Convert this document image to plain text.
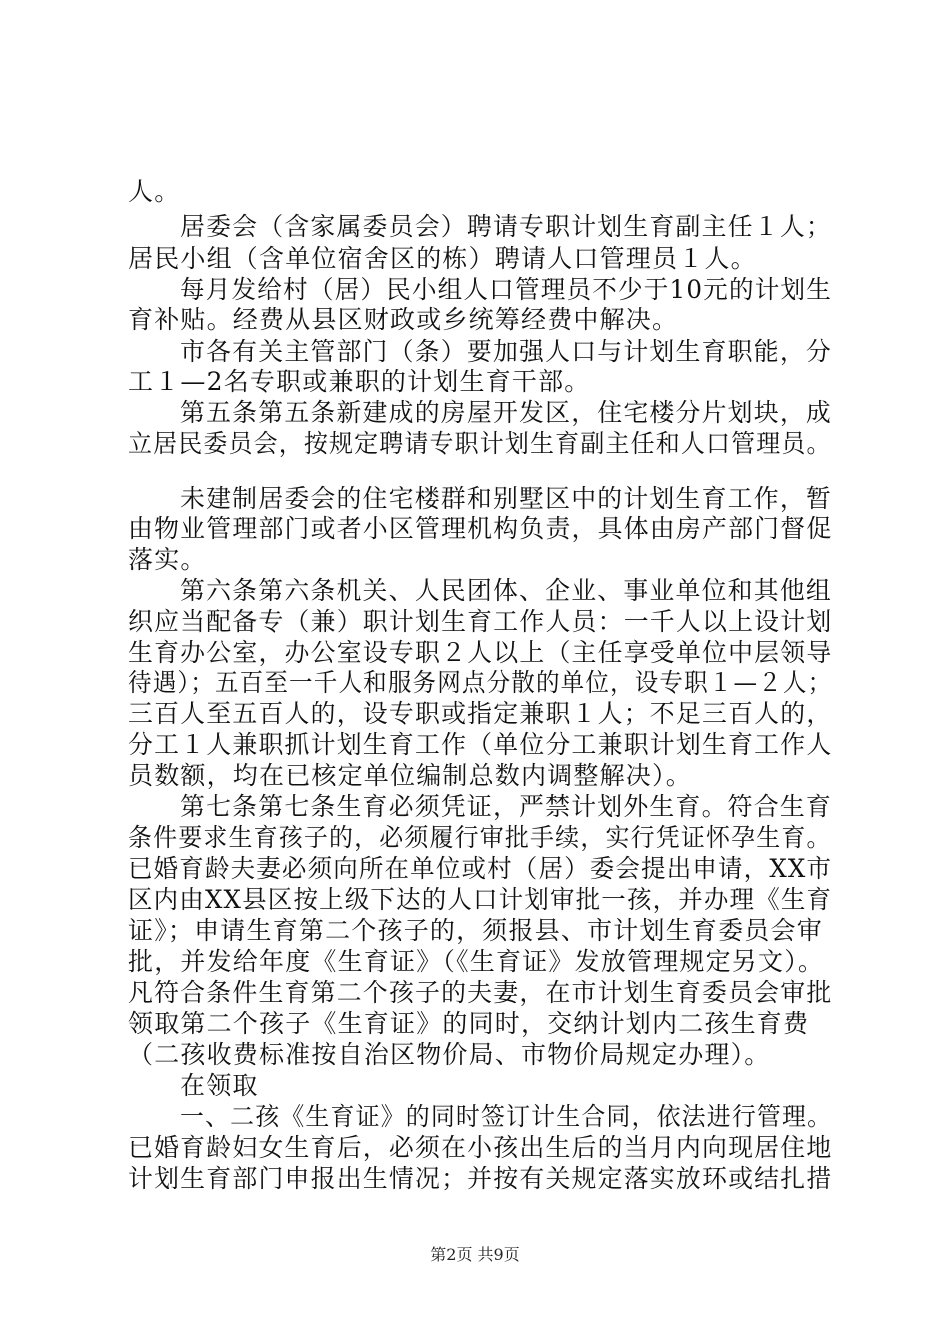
人。
居委会（含家属委员会）聘请专职计划生育副主任１人；
居民小组（含单位宿舍区的栋）聘请人口管理员１人。
每月发给村（居）民小组人口管理员不少于10元的计划生
育补贴。经费从县区财政或乡统筹经费中解决。
市各有关主管部门（条）要加强人口与计划生育职能，分
工１—2名专职或兼职的计划生育干部。
第五条第五条新建成的房屋开发区，住宅楼分片划块，成
立居民委员会，按规定聘请专职计划生育副主任和人口管理员。
未建制居委会的住宅楼群和别墅区中的计划生育工作，暂
由物业管理部门或者小区管理机构负责，具体由房产部门督促
落实。
第六条第六条机关、人民团体、企业、事业单位和其他组
织应当配备专（兼）职计划生育工作人员：一千人以上设计划
生育办公室，办公室设专职２人以上（主任享受单位中层领导
待遇）；五百至一千人和服务网点分散的单位，设专职１—２人；
三百人至五百人的，设专职或指定兼职１人；不足三百人的，
分工１人兼职抓计划生育工作（单位分工兼职计划生育工作人
员数额，均在已核定单位编制总数内调整解决）。
第七条第七条生育必须凭证，严禁计划外生育。符合生育
条件要求生育孩子的，必须履行审批手续，实行凭证怀孕生育。
已婚育龄夫妻必须向所在单位或村（居）委会提出申请，XX市
区内由XX县区按上级下达的人口计划审批一孩，并办理《生育
证》；申请生育第二个孩子的，须报县、市计划生育委员会审
批，并发给年度《生育证》（《生育证》发放管理规定另文）。
凡符合条件生育第二个孩子的夫妻，在市计划生育委员会审批
领取第二个孩子《生育证》的同时，交纳计划内二孩生育费
（二孩收费标准按自治区物价局、市物价局规定办理）。
在领取
一、二孩《生育证》的同时签订计生合同，依法进行管理。
已婚育龄妇女生育后，必须在小孩出生后的当月内向现居住地
计划生育部门申报出生情况；并按有关规定落实放环或结扎措
第2页 共9页
